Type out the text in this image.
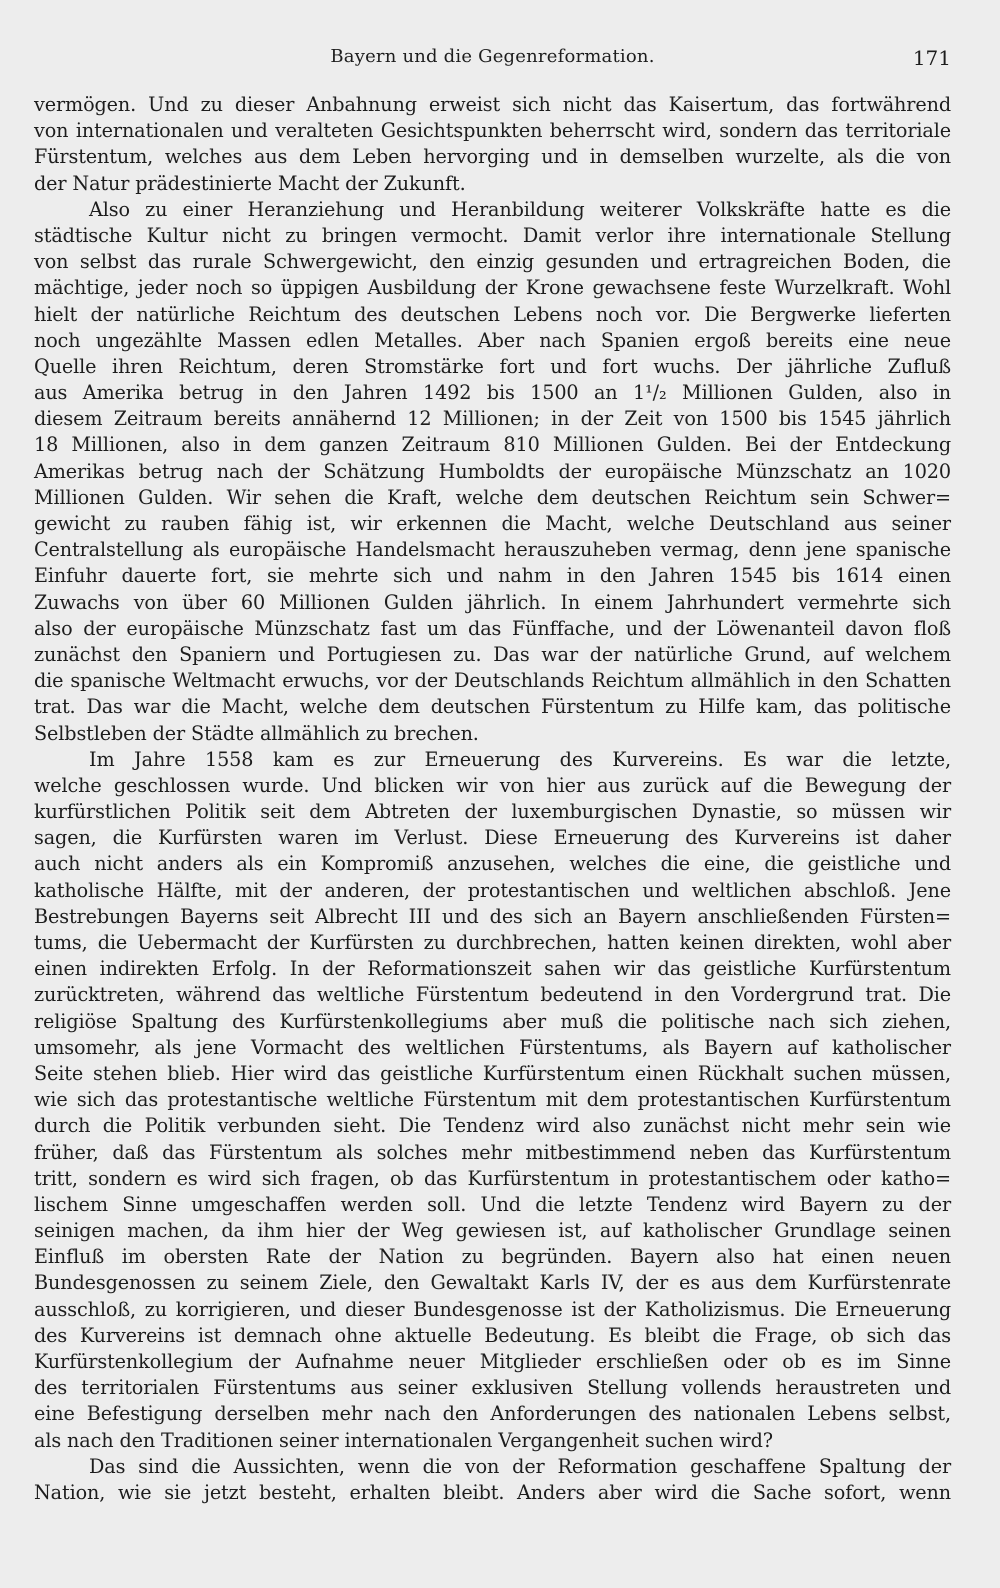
Bayern und die Gegenreformation.	171
vermögen. Und zu dieser Anbahnung erweist sich nicht das Kaisertum, das fortwährend
von internationalen und veralteten Gesichtspunkten beherrscht wird, sondern das territoriale
Fürstentum, welches aus dem Leben hervorging und in demselben wurzelte, als die von
der Natur prädestinierte Macht der Zukunft.
Also zu einer Heranziehung und Heranbildung weiterer Volkskräfte hatte es die
städtische Kultur nicht zu bringen vermocht. Damit verlor ihre internationale Stellung
von selbst das rurale Schwergewicht, den einzig gesunden und ertragreichen Boden, die
mächtige, jeder noch so üppigen Ausbildung der Krone gewachsene feste Wurzelkraft. Wohl
hielt der natürliche Reichtum des deutschen Lebens noch vor. Die Bergwerke lieferten
noch ungezählte Massen edlen Metalles. Aber nach Spanien ergoß bereits eine neue
Quelle ihren Reichtum, deren Stromstärke fort und fort wuchs. Der jährliche Zufluß
aus Amerika betrug in den Jahren 1492 bis 1500 an 1¹/₂ Millionen Gulden, also in
diesem Zeitraum bereits annähernd 12 Millionen; in der Zeit von 1500 bis 1545 jährlich
18 Millionen, also in dem ganzen Zeitraum 810 Millionen Gulden. Bei der Entdeckung
Amerikas betrug nach der Schätzung Humboldts der europäische Münzschatz an 1020
Millionen Gulden. Wir sehen die Kraft, welche dem deutschen Reichtum sein Schwer=
gewicht zu rauben fähig ist, wir erkennen die Macht, welche Deutschland aus seiner
Centralstellung als europäische Handelsmacht herauszuheben vermag, denn jene spanische
Einfuhr dauerte fort, sie mehrte sich und nahm in den Jahren 1545 bis 1614 einen
Zuwachs von über 60 Millionen Gulden jährlich. In einem Jahrhundert vermehrte sich
also der europäische Münzschatz fast um das Fünffache, und der Löwenanteil davon floß
zunächst den Spaniern und Portugiesen zu. Das war der natürliche Grund, auf welchem
die spanische Weltmacht erwuchs, vor der Deutschlands Reichtum allmählich in den Schatten
trat. Das war die Macht, welche dem deutschen Fürstentum zu Hilfe kam, das politische
Selbstleben der Städte allmählich zu brechen.
Im Jahre 1558 kam es zur Erneuerung des Kurvereins. Es war die letzte,
welche geschlossen wurde. Und blicken wir von hier aus zurück auf die Bewegung der
kurfürstlichen Politik seit dem Abtreten der luxemburgischen Dynastie, so müssen wir
sagen, die Kurfürsten waren im Verlust. Diese Erneuerung des Kurvereins ist daher
auch nicht anders als ein Kompromiß anzusehen, welches die eine, die geistliche und
katholische Hälfte, mit der anderen, der protestantischen und weltlichen abschloß. Jene
Bestrebungen Bayerns seit Albrecht III und des sich an Bayern anschließenden Fürsten=
tums, die Uebermacht der Kurfürsten zu durchbrechen, hatten keinen direkten, wohl aber
einen indirekten Erfolg. In der Reformationszeit sahen wir das geistliche Kurfürstentum
zurücktreten, während das weltliche Fürstentum bedeutend in den Vordergrund trat. Die
religiöse Spaltung des Kurfürstenkollegiums aber muß die politische nach sich ziehen,
umsomehr, als jene Vormacht des weltlichen Fürstentums, als Bayern auf katholischer
Seite stehen blieb. Hier wird das geistliche Kurfürstentum einen Rückhalt suchen müssen,
wie sich das protestantische weltliche Fürstentum mit dem protestantischen Kurfürstentum
durch die Politik verbunden sieht. Die Tendenz wird also zunächst nicht mehr sein wie
früher, daß das Fürstentum als solches mehr mitbestimmend neben das Kurfürstentum
tritt, sondern es wird sich fragen, ob das Kurfürstentum in protestantischem oder katho=
lischem Sinne umgeschaffen werden soll. Und die letzte Tendenz wird Bayern zu der
seinigen machen, da ihm hier der Weg gewiesen ist, auf katholischer Grundlage seinen
Einfluß im obersten Rate der Nation zu begründen. Bayern also hat einen neuen
Bundesgenossen zu seinem Ziele, den Gewaltakt Karls IV, der es aus dem Kurfürstenrate
ausschloß, zu korrigieren, und dieser Bundesgenosse ist der Katholizismus. Die Erneuerung
des Kurvereins ist demnach ohne aktuelle Bedeutung. Es bleibt die Frage, ob sich das
Kurfürstenkollegium der Aufnahme neuer Mitglieder erschließen oder ob es im Sinne
des territorialen Fürstentums aus seiner exklusiven Stellung vollends heraustreten und
eine Befestigung derselben mehr nach den Anforderungen des nationalen Lebens selbst,
als nach den Traditionen seiner internationalen Vergangenheit suchen wird?
Das sind die Aussichten, wenn die von der Reformation geschaffene Spaltung der
Nation, wie sie jetzt besteht, erhalten bleibt. Anders aber wird die Sache sofort, wenn
